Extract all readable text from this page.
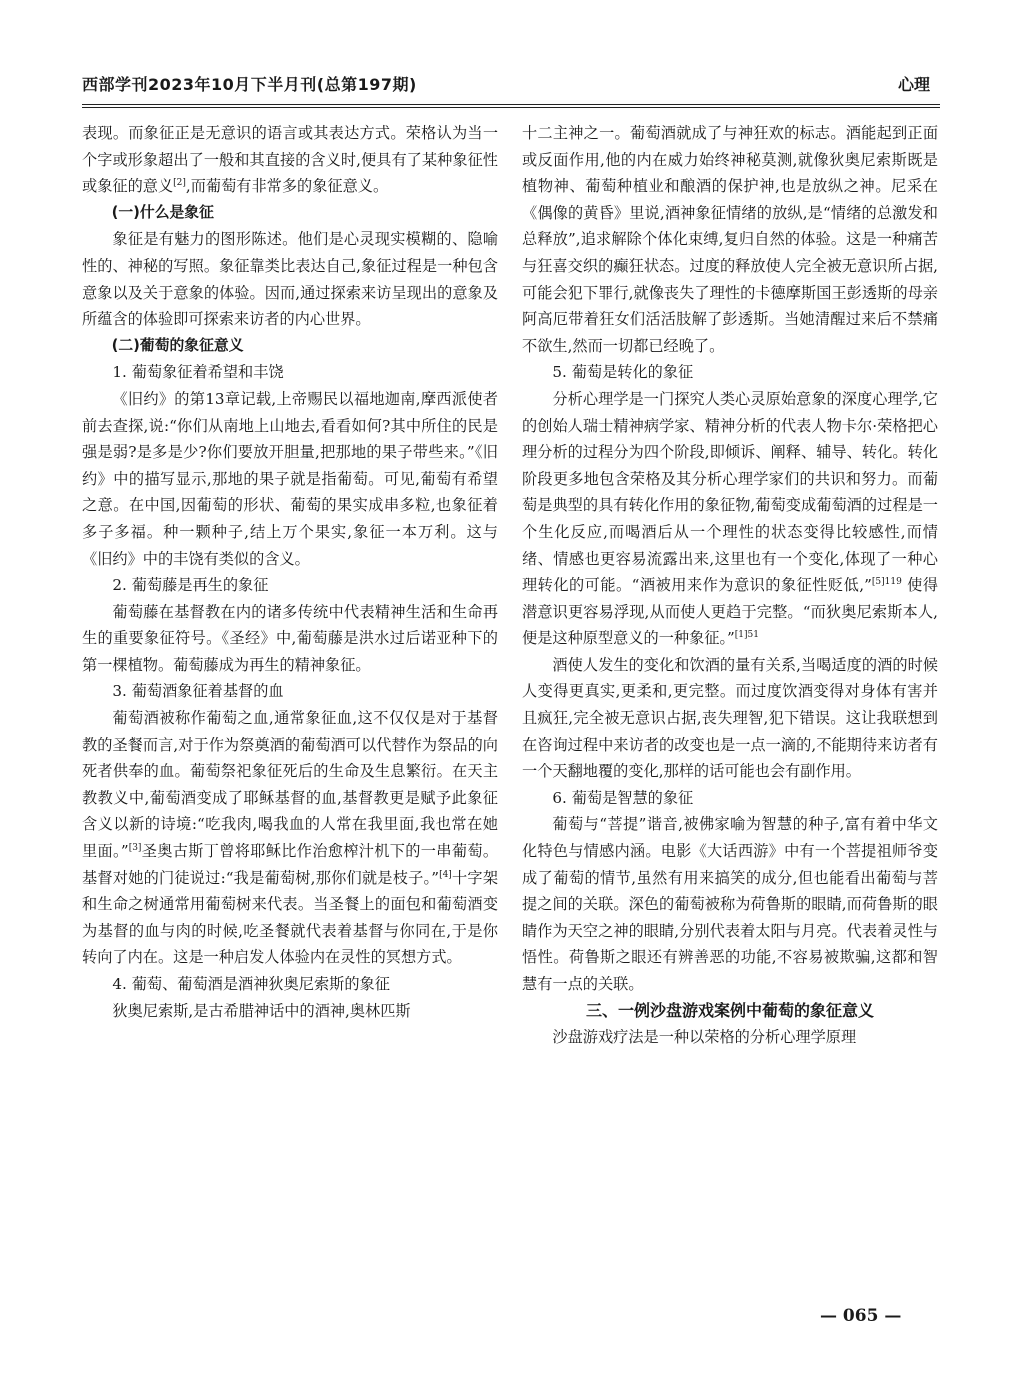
西部学刊2023年10月下半月刊(总第197期)	心理

表现。而象征正是无意识的语言或其表达方式。荣格认为当一个字或形象超出了一般和其直接的含义时,便具有了某种象征性或象征的意义[2],而葡萄有非常多的象征意义。

(一)什么是象征

象征是有魅力的图形陈述。他们是心灵现实模糊的、隐喻性的、神秘的写照。象征靠类比表达自己,象征过程是一种包含意象以及关于意象的体验。因而,通过探索来访呈现出的意象及所蕴含的体验即可探索来访者的内心世界。

(二)葡萄的象征意义

1. 葡萄象征着希望和丰饶

《旧约》的第13章记载,上帝赐民以福地迦南,摩西派使者前去查探,说:“你们从南地上山地去,看看如何?其中所住的民是强是弱?是多是少?你们要放开胆量,把那地的果子带些来。”《旧约》中的描写显示,那地的果子就是指葡萄。可见,葡萄有希望之意。在中国,因葡萄的形状、葡萄的果实成串多粒,也象征着多子多福。种一颗种子,结上万个果实,象征一本万利。这与《旧约》中的丰饶有类似的含义。

2. 葡萄藤是再生的象征

葡萄藤在基督教在内的诸多传统中代表精神生活和生命再生的重要象征符号。《圣经》中,葡萄藤是洪水过后诺亚种下的第一棵植物。葡萄藤成为再生的精神象征。

3. 葡萄酒象征着基督的血

葡萄酒被称作葡萄之血,通常象征血,这不仅仅是对于基督教的圣餐而言,对于作为祭奠酒的葡萄酒可以代替作为祭品的向死者供奉的血。葡萄祭祀象征死后的生命及生息繁衍。在天主教教义中,葡萄酒变成了耶稣基督的血,基督教更是赋予此象征含义以新的诗境:“吃我肉,喝我血的人常在我里面,我也常在她里面。”[3]圣奥古斯丁曾将耶稣比作治愈榨汁机下的一串葡萄。基督对她的门徒说过:“我是葡萄树,那你们就是枝子。”[4]十字架和生命之树通常用葡萄树来代表。当圣餐上的面包和葡萄酒变为基督的血与肉的时候,吃圣餐就代表着基督与你同在,于是你转向了内在。这是一种启发人体验内在灵性的冥想方式。

4. 葡萄、葡萄酒是酒神狄奥尼索斯的象征

狄奥尼索斯,是古希腊神话中的酒神,奥林匹斯

十二主神之一。葡萄酒就成了与神狂欢的标志。酒能起到正面或反面作用,他的内在威力始终神秘莫测,就像狄奥尼索斯既是植物神、葡萄种植业和酿酒的保护神,也是放纵之神。尼采在《偶像的黄昏》里说,酒神象征情绪的放纵,是“情绪的总激发和总释放”,追求解除个体化束缚,复归自然的体验。这是一种痛苦与狂喜交织的癫狂状态。过度的释放使人完全被无意识所占据,可能会犯下罪行,就像丧失了理性的卡德摩斯国王彭透斯的母亲阿高厄带着狂女们活活肢解了彭透斯。当她清醒过来后不禁痛不欲生,然而一切都已经晚了。

5. 葡萄是转化的象征

分析心理学是一门探究人类心灵原始意象的深度心理学,它的创始人瑞士精神病学家、精神分析的代表人物卡尔·荣格把心理分析的过程分为四个阶段,即倾诉、阐释、辅导、转化。转化阶段更多地包含荣格及其分析心理学家们的共识和努力。而葡萄是典型的具有转化作用的象征物,葡萄变成葡萄酒的过程是一个生化反应,而喝酒后从一个理性的状态变得比较感性,而情绪、情感也更容易流露出来,这里也有一个变化,体现了一种心理转化的可能。“酒被用来作为意识的象征性贬低,”$^{[5]119}$ 使得潜意识更容易浮现,从而使人更趋于完整。“而狄奥尼索斯本人,便是这种原型意义的一种象征。”$^{[1]51}$

酒使人发生的变化和饮酒的量有关系,当喝适度的酒的时候人变得更真实,更柔和,更完整。而过度饮酒变得对身体有害并且疯狂,完全被无意识占据,丧失理智,犯下错误。这让我联想到在咨询过程中来访者的改变也是一点一滴的,不能期待来访者有一个天翻地覆的变化,那样的话可能也会有副作用。

6. 葡萄是智慧的象征

葡萄与“菩提”谐音,被佛家喻为智慧的种子,富有着中华文化特色与情感内涵。电影《大话西游》中有一个菩提祖师爷变成了葡萄的情节,虽然有用来搞笑的成分,但也能看出葡萄与菩提之间的关联。深色的葡萄被称为荷鲁斯的眼睛,而荷鲁斯的眼睛作为天空之神的眼睛,分别代表着太阳与月亮。代表着灵性与悟性。荷鲁斯之眼还有辨善恶的功能,不容易被欺骗,这都和智慧有一点的关联。

三、一例沙盘游戏案例中葡萄的象征意义

沙盘游戏疗法是一种以荣格的分析心理学原理

— 065 —
